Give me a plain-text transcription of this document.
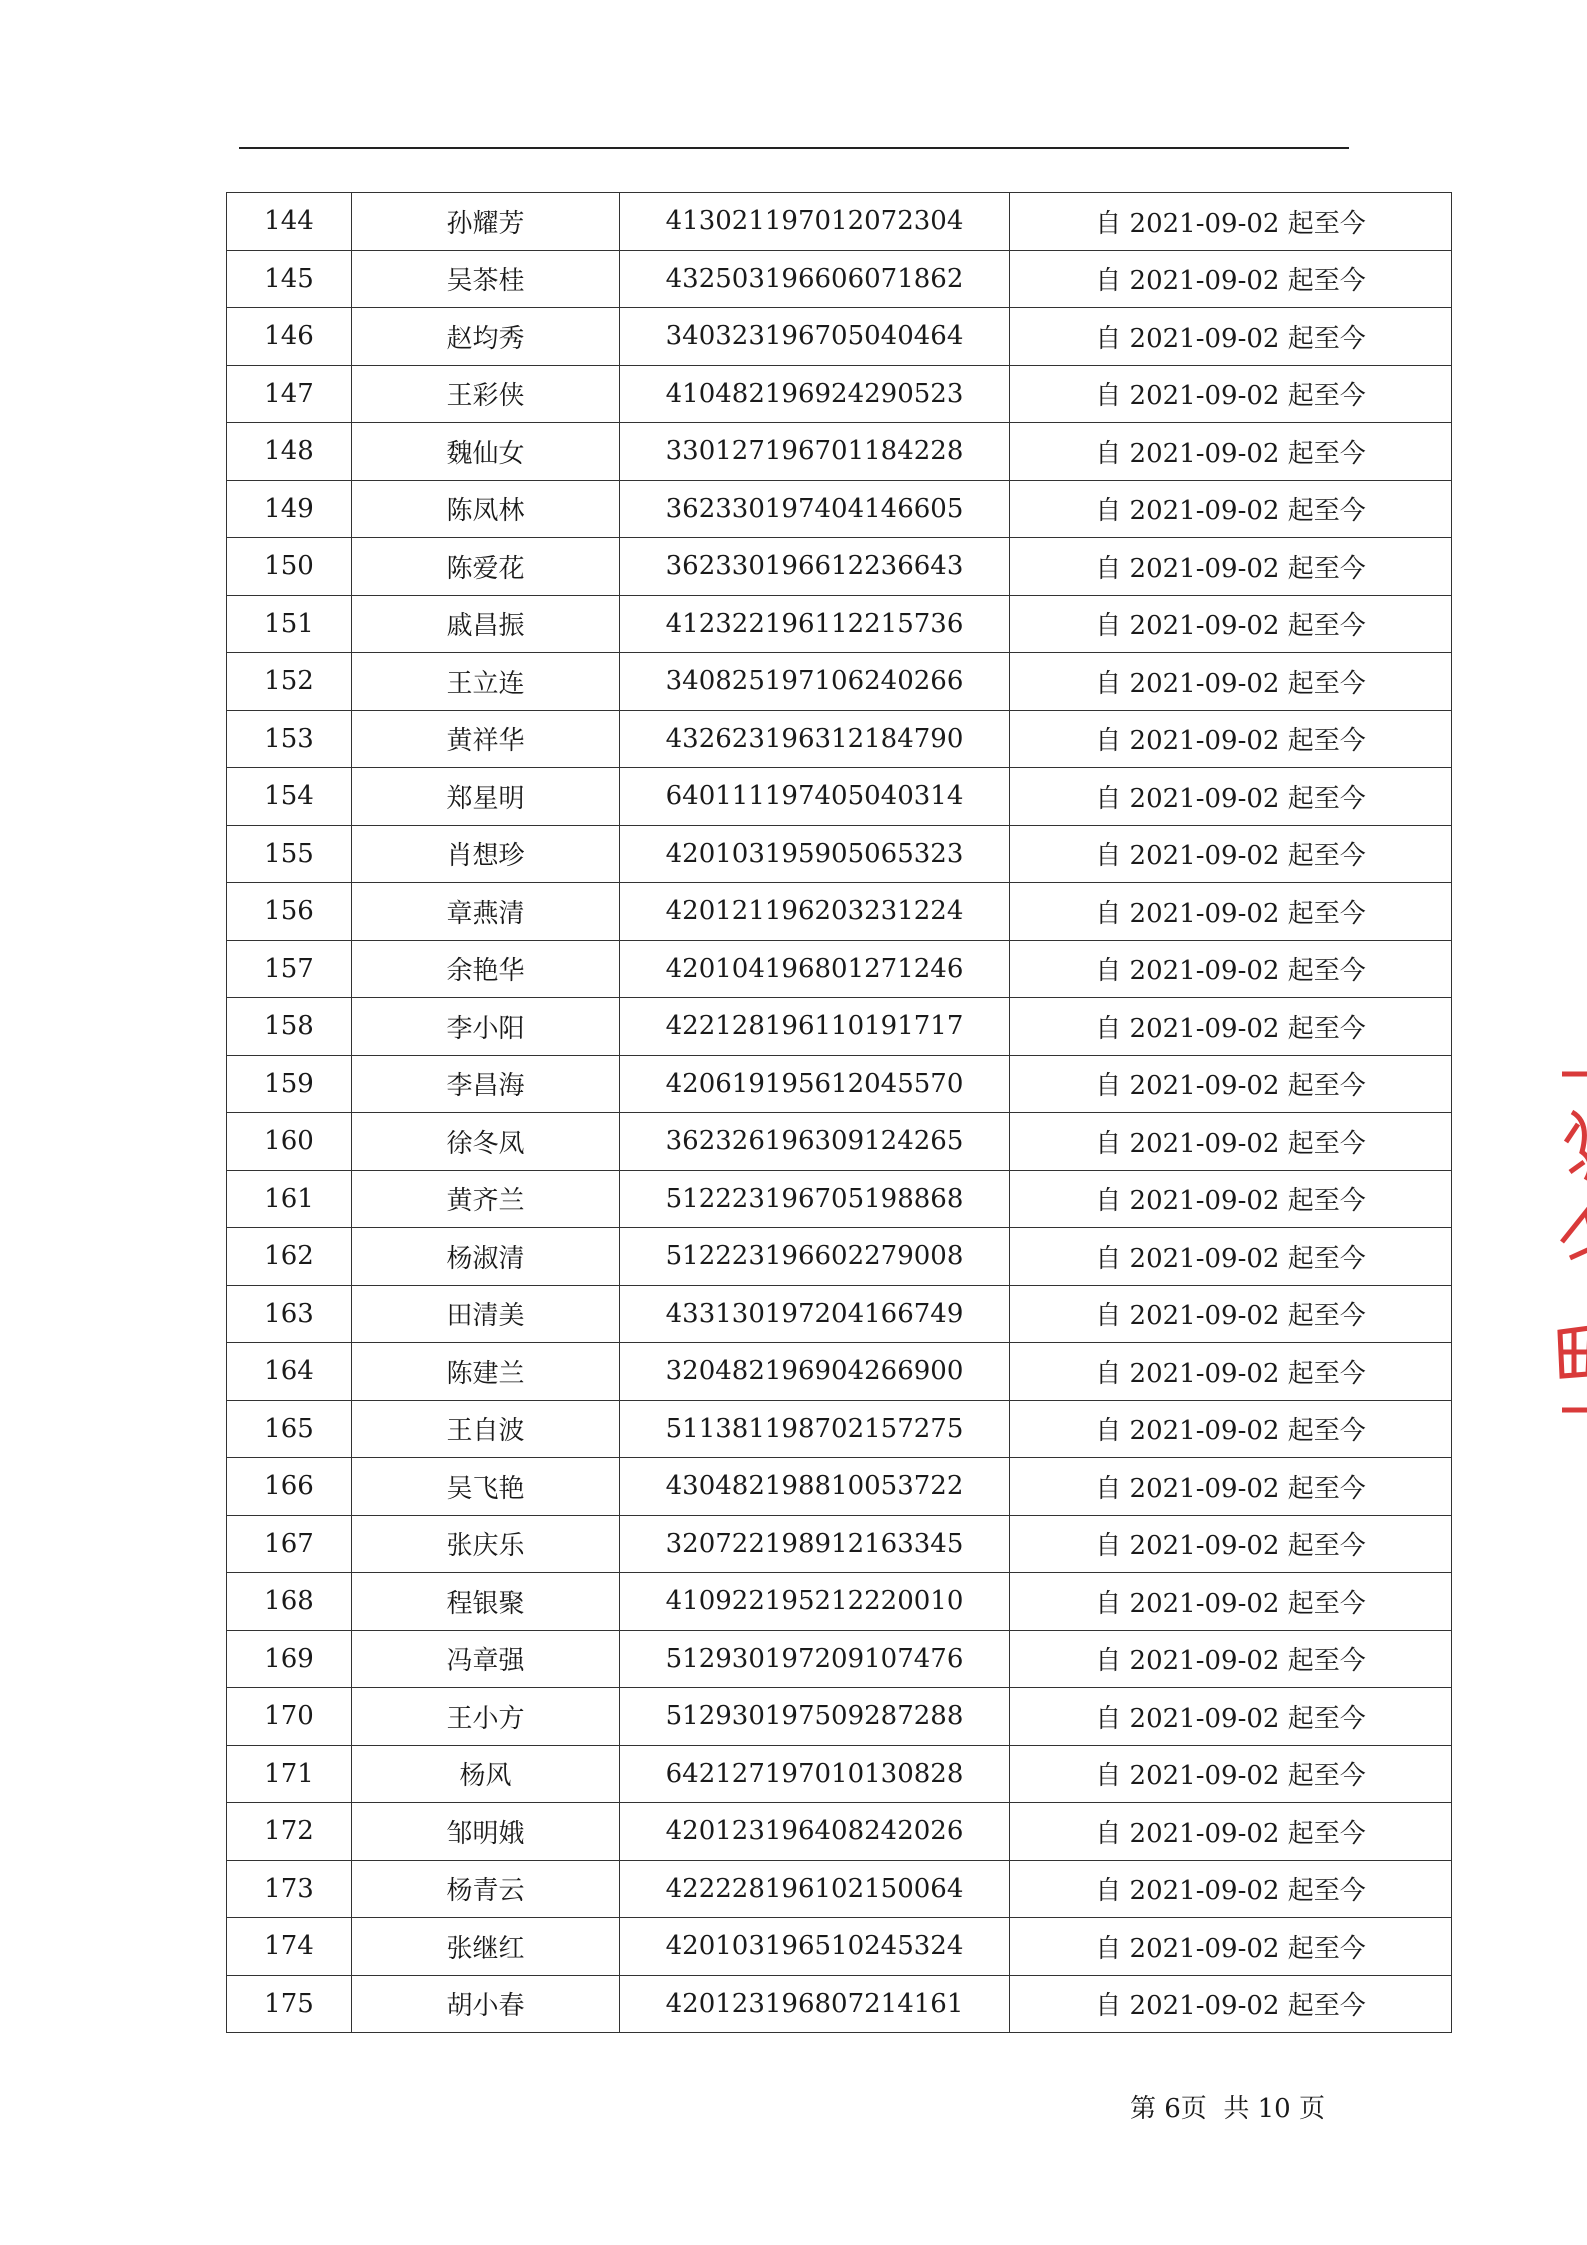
144	孙耀芳	413021197012072304	自 2021-09-02 起至今
145	吴茶桂	432503196606071862	自 2021-09-02 起至今
146	赵均秀	340323196705040464	自 2021-09-02 起至今
147	王彩侠	410482196924290523	自 2021-09-02 起至今
148	魏仙女	330127196701184228	自 2021-09-02 起至今
149	陈凤林	362330197404146605	自 2021-09-02 起至今
150	陈爱花	362330196612236643	自 2021-09-02 起至今
151	戚昌振	412322196112215736	自 2021-09-02 起至今
152	王立连	340825197106240266	自 2021-09-02 起至今
153	黄祥华	432623196312184790	自 2021-09-02 起至今
154	郑星明	640111197405040314	自 2021-09-02 起至今
155	肖想珍	420103195905065323	自 2021-09-02 起至今
156	章燕清	420121196203231224	自 2021-09-02 起至今
157	余艳华	420104196801271246	自 2021-09-02 起至今
158	李小阳	422128196110191717	自 2021-09-02 起至今
159	李昌海	420619195612045570	自 2021-09-02 起至今
160	徐冬凤	362326196309124265	自 2021-09-02 起至今
161	黄齐兰	512223196705198868	自 2021-09-02 起至今
162	杨淑清	512223196602279008	自 2021-09-02 起至今
163	田清美	433130197204166749	自 2021-09-02 起至今
164	陈建兰	320482196904266900	自 2021-09-02 起至今
165	王自波	511381198702157275	自 2021-09-02 起至今
166	吴飞艳	430482198810053722	自 2021-09-02 起至今
167	张庆乐	320722198912163345	自 2021-09-02 起至今
168	程银聚	410922195212220010	自 2021-09-02 起至今
169	冯章强	512930197209107476	自 2021-09-02 起至今
170	王小方	512930197509287288	自 2021-09-02 起至今
171	杨风	642127197010130828	自 2021-09-02 起至今
172	邹明娥	420123196408242026	自 2021-09-02 起至今
173	杨青云	422228196102150064	自 2021-09-02 起至今
174	张继红	420103196510245324	自 2021-09-02 起至今
175	胡小春	420123196807214161	自 2021-09-02 起至今
第 6页  共 10 页
